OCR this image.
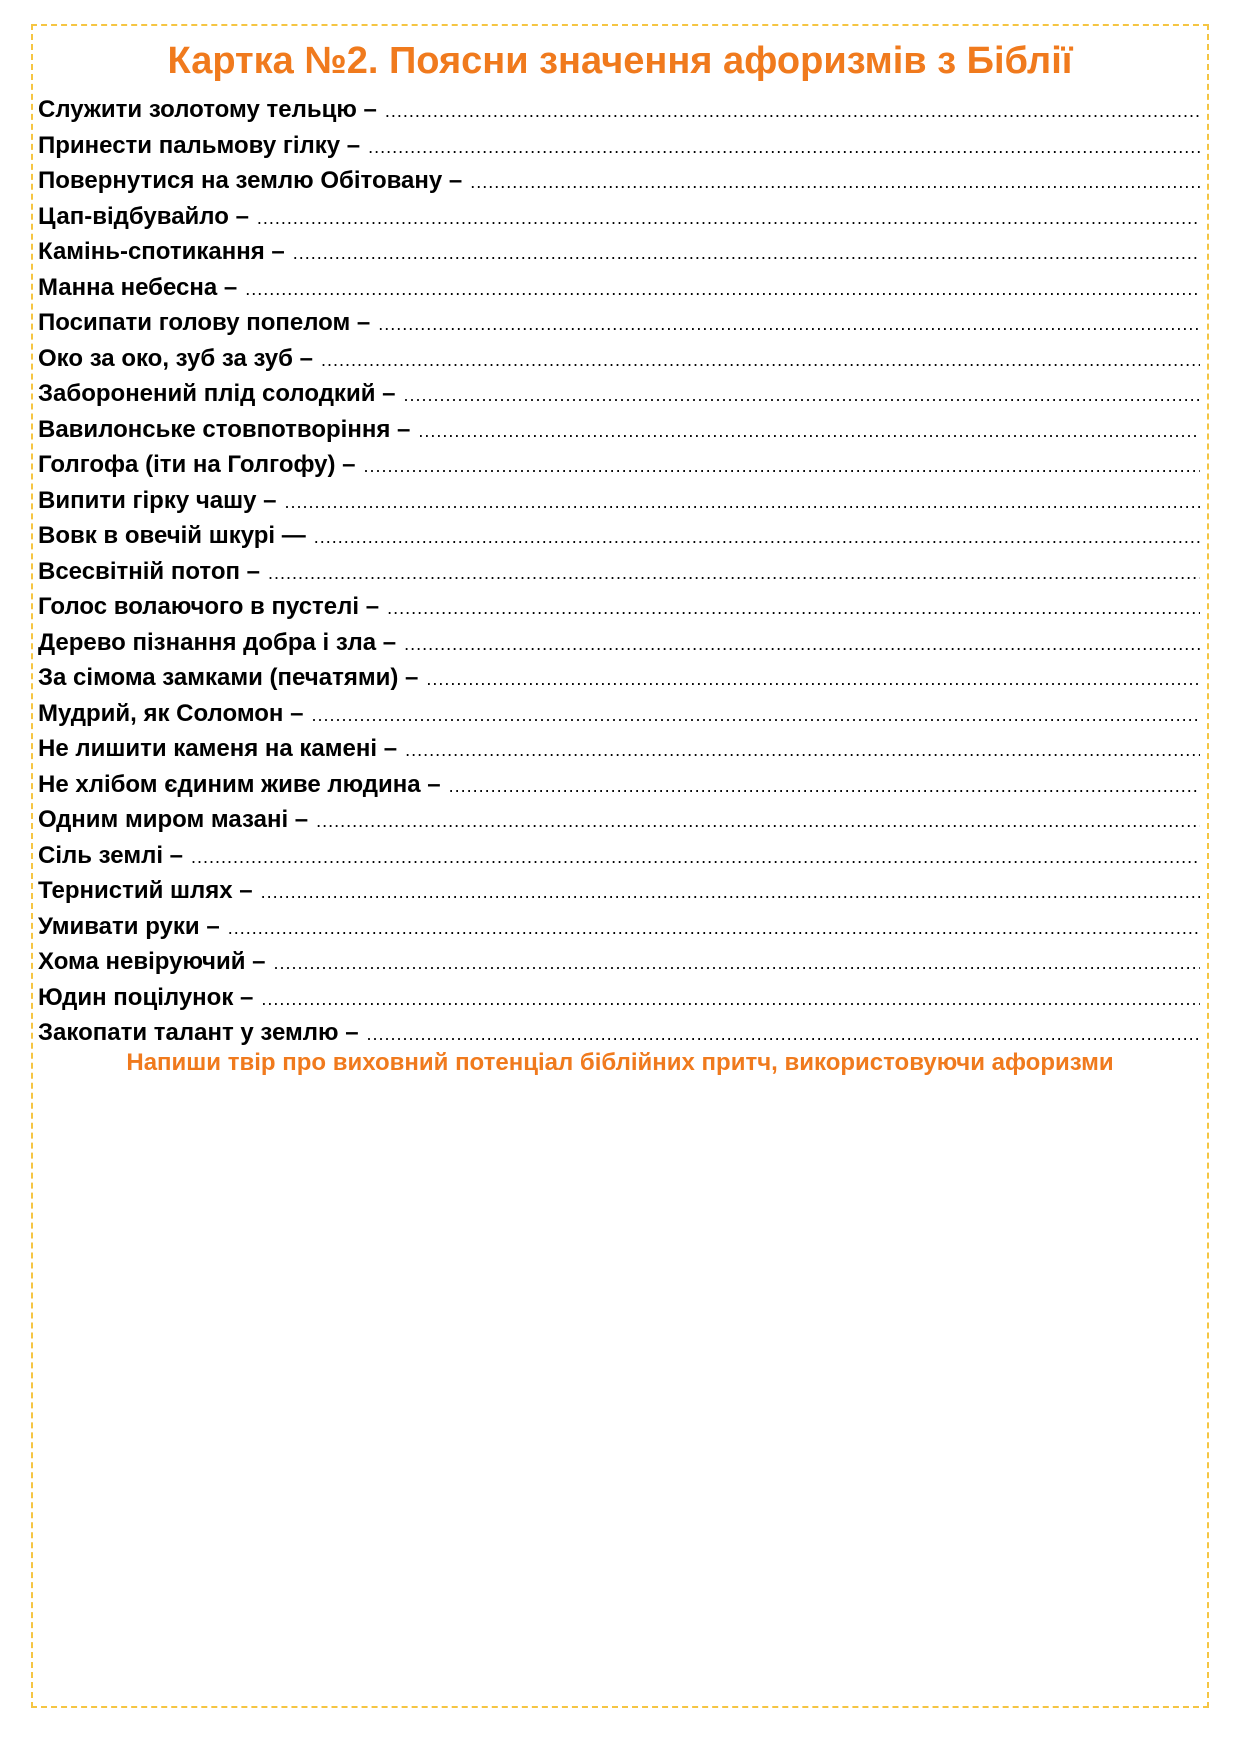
Картка №2. Поясни значення афоризмів з Біблії
Служити золотому тельцю –
.....
Принести пальмову гілку –
.....
Повернутися на землю Обітовану –
.....
Цап-відбувайло –
.....
Камінь-спотикання –
.....
Манна небесна –
.....
Посипати голову попелом –
.....
Око за око, зуб за зуб –
.....
Заборонений плід солодкий –
.....
Вавилонське стовпотворіння –
.....
Голгофа (іти на Голгофу) –
.....
Випити гірку чашу –
.....
Вовк в овечій шкурі —
.....
Всесвітній потоп –
.....
Голос волаючого в пустелі –
.....
Дерево пізнання добра і зла –
.....
За сімома замками (печатями) –
.....
Мудрий, як Соломон –
.....
Не лишити каменя на камені –
.....
Не хлібом єдиним живе людина –
.....
Одним миром мазані –
.....
Сіль землі –
.....
Тернистий шлях –
.....
Умивати руки –
.....
Хома невіруючий –
.....
Юдин поцілунок –
.....
Закопати талант у землю –
.....

Напиши твір про виховний потенціал біблійних притч, використовуючи афоризми
